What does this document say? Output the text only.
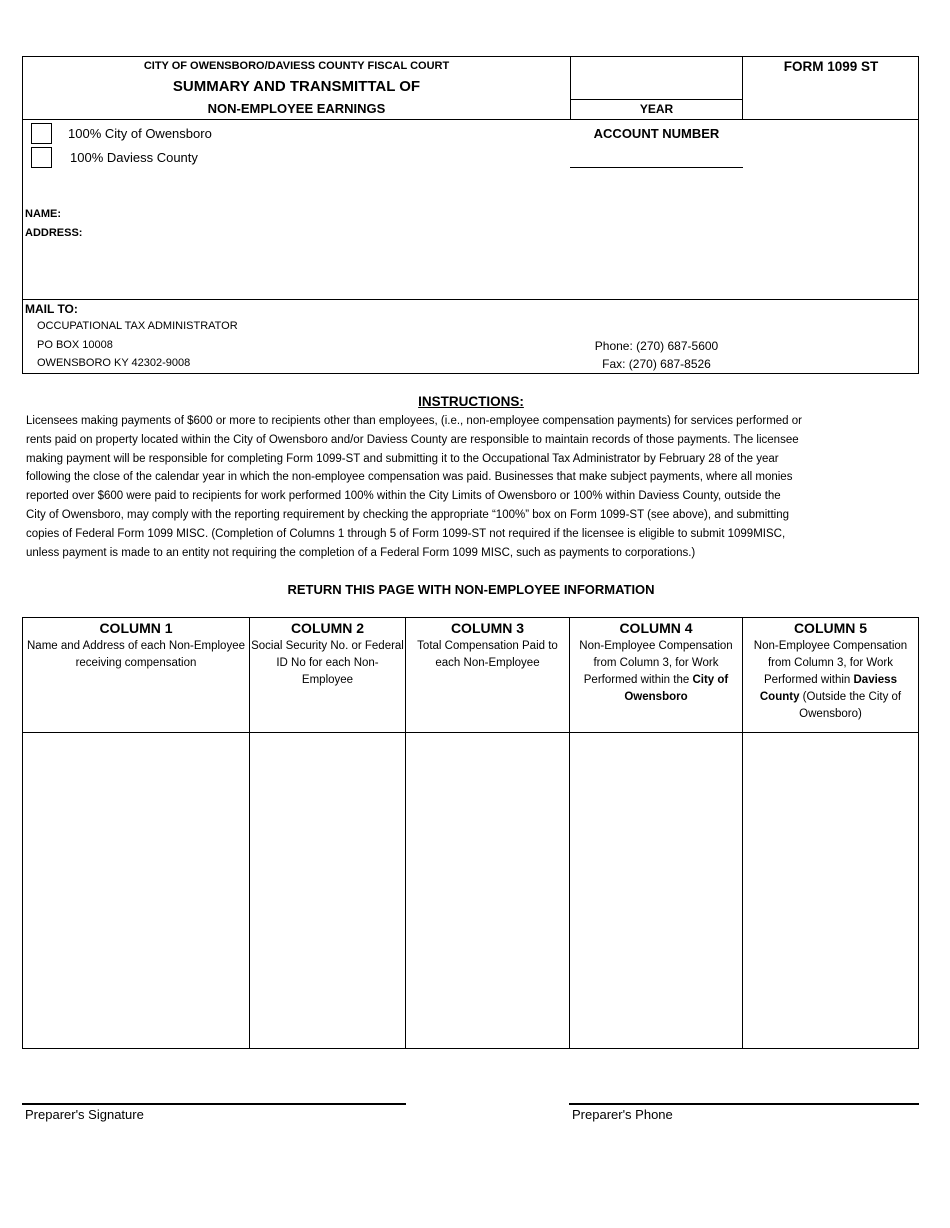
CITY OF OWENSBORO/DAVIESS COUNTY FISCAL COURT
SUMMARY AND TRANSMITTAL OF
NON-EMPLOYEE EARNINGS	YEAR
FORM 1099 ST
100% City of Owensboro
100% Daviess County
ACCOUNT NUMBER
NAME:
ADDRESS:
MAIL TO:
OCCUPATIONAL TAX ADMINISTRATOR
PO BOX 10008
OWENSBORO KY 42302-9008
Phone: (270) 687-5600
Fax: (270) 687-8526
INSTRUCTIONS:

Licensees making payments of $600 or more to recipients other than employees, (i.e., non-employee compensation payments) for services performed or

rents paid on property located within the City of Owensboro and/or Daviess County are responsible to maintain records of those payments. The licensee

making payment will be responsible for completing Form 1099-ST and submitting it to the Occupational Tax Administrator by February 28 of the year

following the close of the calendar year in which the non-employee compensation was paid. Businesses that make subject payments, where all monies

reported over $600 were paid to recipients for work performed 100% within the City Limits of Owensboro or 100% within Daviess County, outside the

City of Owensboro, may comply with the reporting requirement by checking the appropriate “100%” box on Form 1099-ST (see above), and submitting

copies of Federal Form 1099 MISC. (Completion of Columns 1 through 5 of Form 1099-ST not required if the licensee is eligible to submit 1099MISC,

unless payment is made to an entity not requiring the completion of a Federal Form 1099 MISC, such as payments to corporations.)

RETURN THIS PAGE WITH NON-EMPLOYEE INFORMATION
COLUMN 1
Name and Address of each Non-Employee
receiving compensation
COLUMN 2
Social Security No. or Federal
ID No for each Non-
Employee
COLUMN 3
Total Compensation Paid to
each Non-Employee
COLUMN 4
Non-Employee Compensation
from Column 3, for Work
Performed within the City of
Owensboro
COLUMN 5
Non-Employee Compensation
from Column 3, for Work
Performed within Daviess
County (Outside the City of
Owensboro)
Preparer's Signature	Preparer's Phone
